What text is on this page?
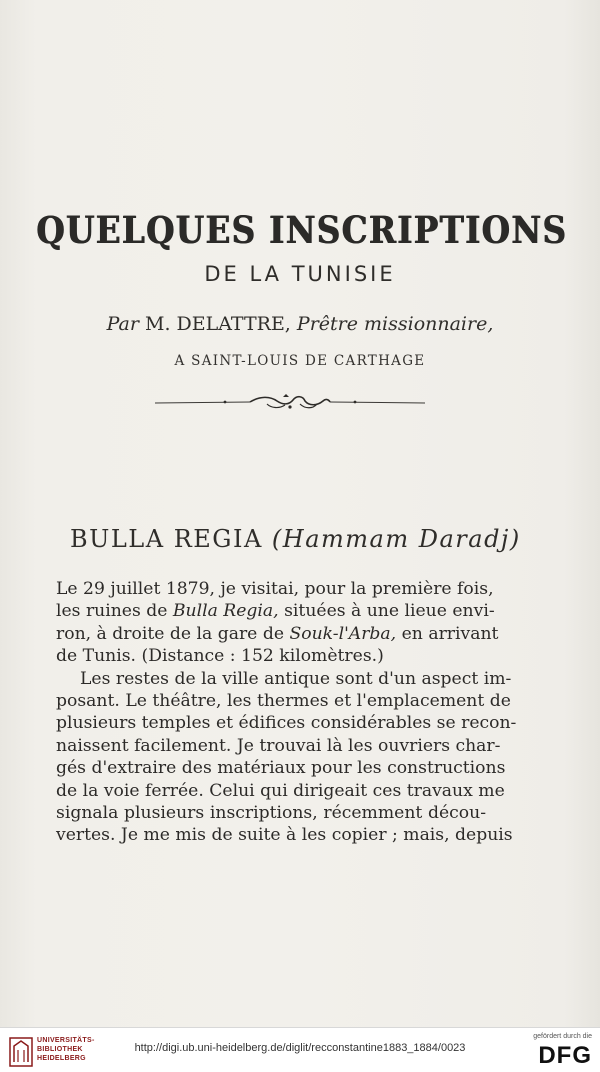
QUELQUES INSCRIPTIONS
DE LA TUNISIE
Par M. DELATTRE, Prêtre missionnaire,
A SAINT-LOUIS DE CARTHAGE
BULLA REGIA (Hammam Daradj)
Le 29 juillet 1879, je visitai, pour la première fois,
les ruines de Bulla Regia, situées à une lieue envi-
ron, à droite de la gare de Souk-l'Arba, en arrivant
de Tunis. (Distance : 152 kilomètres.)
Les restes de la ville antique sont d'un aspect im-
posant. Le théâtre, les thermes et l'emplacement de
plusieurs temples et édifices considérables se recon-
naissent facilement. Je trouvai là les ouvriers char-
gés d'extraire des matériaux pour les constructions
de la voie ferrée. Celui qui dirigeait ces travaux me
signala plusieurs inscriptions, récemment décou-
vertes. Je me mis de suite à les copier ; mais, depuis
UNIVERSITÄTS-
BIBLIOTHEK
HEIDELBERG
http://digi.ub.uni-heidelberg.de/diglit/recconstantine1883_1884/0023
gefördert durch die
DFG
